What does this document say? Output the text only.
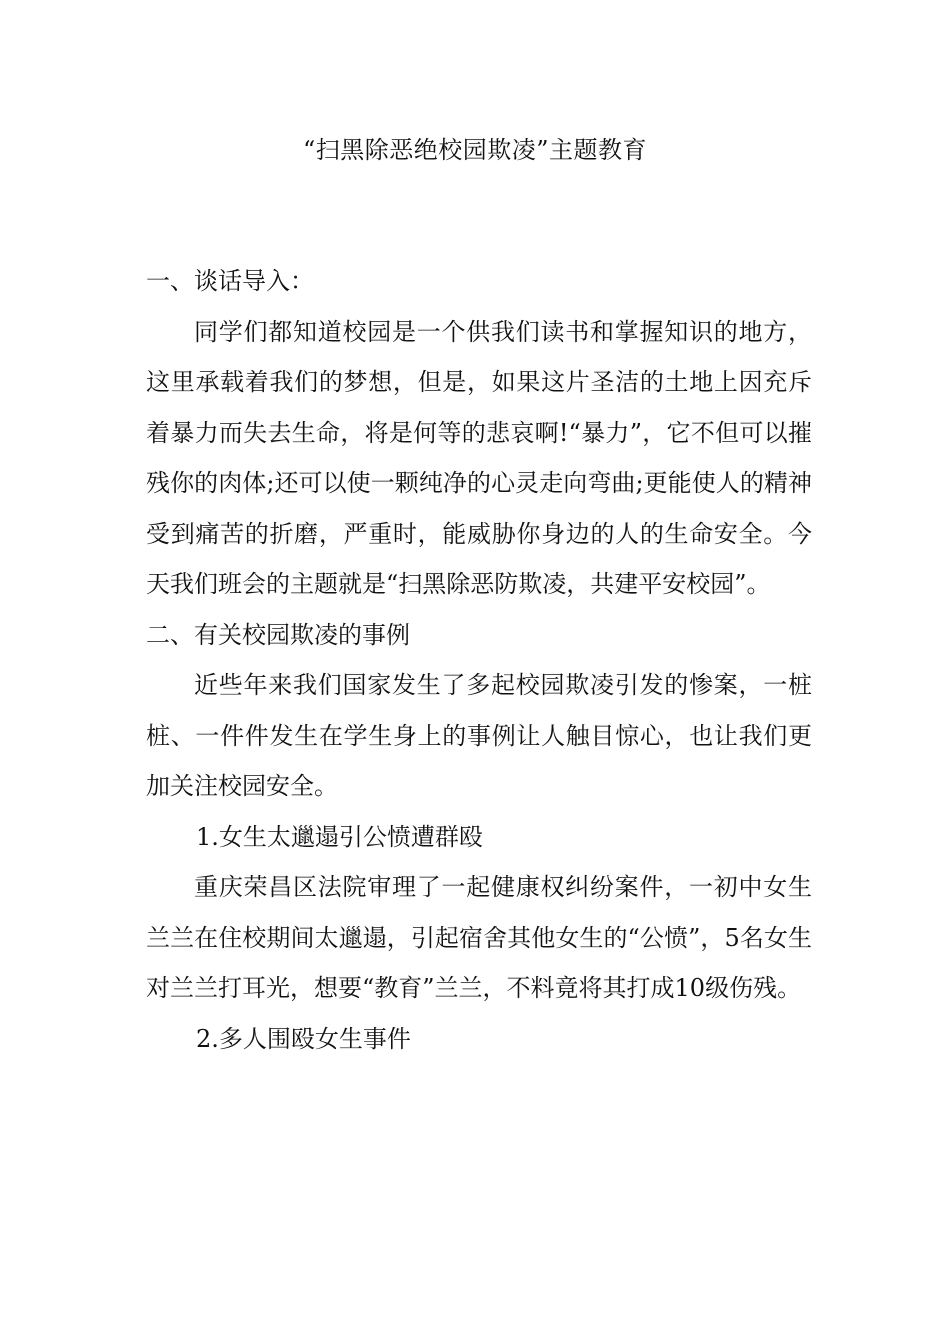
“扫黑除恶绝校园欺凌”主题教育

一、谈话导入：

同学们都知道校园是一个供我们读书和掌握知识的地方，这里承载着我们的梦想，但是，如果这片圣洁的土地上因充斥着暴力而失去生命，将是何等的悲哀啊!“暴力”，它不但可以摧残你的肉体;还可以使一颗纯净的心灵走向弯曲;更能使人的精神受到痛苦的折磨，严重时，能威胁你身边的人的生命安全。今天我们班会的主题就是“扫黑除恶防欺凌，共建平安校园”。

二、有关校园欺凌的事例

近些年来我们国家发生了多起校园欺凌引发的惨案，一桩桩、一件件发生在学生身上的事例让人触目惊心，也让我们更加关注校园安全。

1.女生太邋遢引公愤遭群殴

重庆荣昌区法院审理了一起健康权纠纷案件，一初中女生兰兰在住校期间太邋遢，引起宿舍其他女生的“公愤”，5名女生对兰兰打耳光，想要“教育”兰兰，不料竟将其打成10级伤残。

2.多人围殴女生事件
